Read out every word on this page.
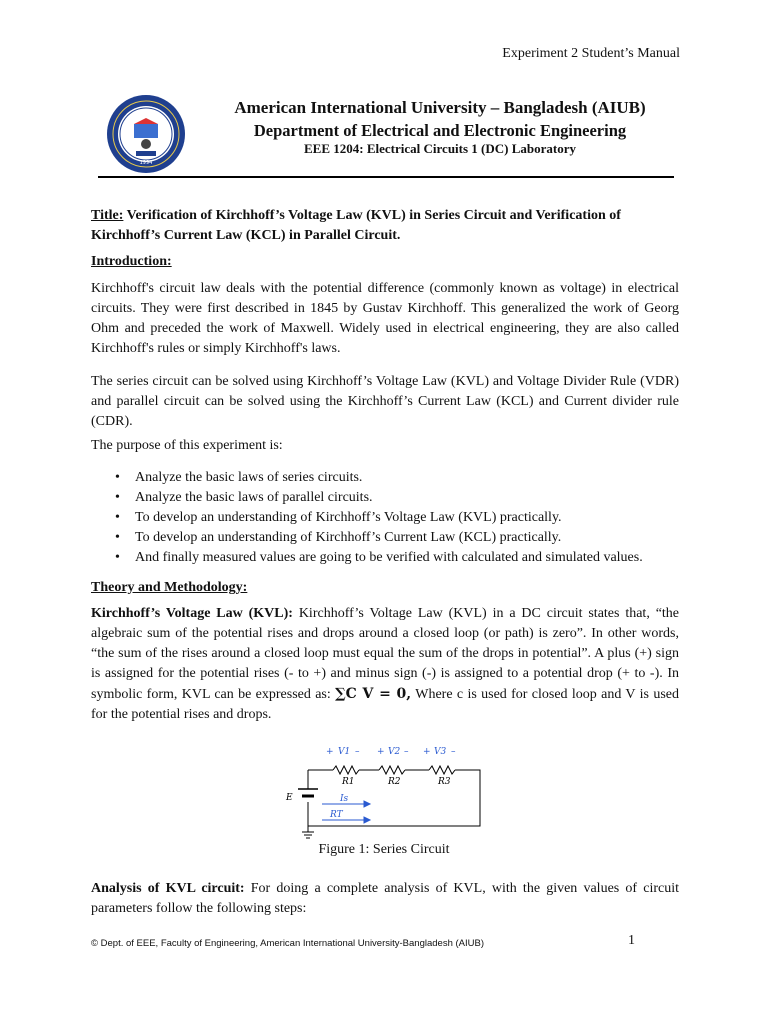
Experiment 2 Student’s Manual
1994
American International University – Bangladesh (AIUB)
Department of Electrical and Electronic Engineering
EEE 1204: Electrical Circuits 1 (DC) Laboratory
Title: Verification of Kirchhoff’s Voltage Law (KVL) in Series Circuit and Verification of Kirchhoff’s Current Law (KCL) in Parallel Circuit.
Introduction:
Kirchhoff's circuit law deals with the potential difference (commonly known as voltage) in electrical circuits. They were first described in 1845 by Gustav Kirchhoff. This generalized the work of Georg Ohm and preceded the work of Maxwell. Widely used in electrical engineering, they are also called Kirchhoff's rules or simply Kirchhoff's laws.
The series circuit can be solved using Kirchhoff’s Voltage Law (KVL) and Voltage Divider Rule (VDR) and parallel circuit can be solved using the Kirchhoff’s Current Law (KCL) and Current divider rule (CDR).
The purpose of this experiment is:
• Analyze the basic laws of series circuits.
• Analyze the basic laws of parallel circuits.
• To develop an understanding of Kirchhoff’s Voltage Law (KVL) practically.
• To develop an understanding of Kirchhoff’s Current Law (KCL) practically.
• And finally measured values are going to be verified with calculated and simulated values.
Theory and Methodology:
Kirchhoff’s Voltage Law (KVL): Kirchhoff’s Voltage Law (KVL) in a DC circuit states that, “the algebraic sum of the potential rises and drops around a closed loop (or path) is zero”. In other words, “the sum of the rises around a closed loop must equal the sum of the drops in potential”. A plus (+) sign is assigned for the potential rises (- to +) and minus sign (-) is assigned to a potential drop (+ to -). In symbolic form, KVL can be expressed as: ∑C V = 0, Where c is used for closed loop and V is used for the potential rises and drops.
+ V1 – + V2 – + V3 –
Is
RT
R1	R2	R3
E
Figure 1: Series Circuit
Analysis of KVL circuit: For doing a complete analysis of KVL, with the given values of circuit parameters follow the following steps:
© Dept. of EEE, Faculty of Engineering, American International University-Bangladesh (AIUB)	1
